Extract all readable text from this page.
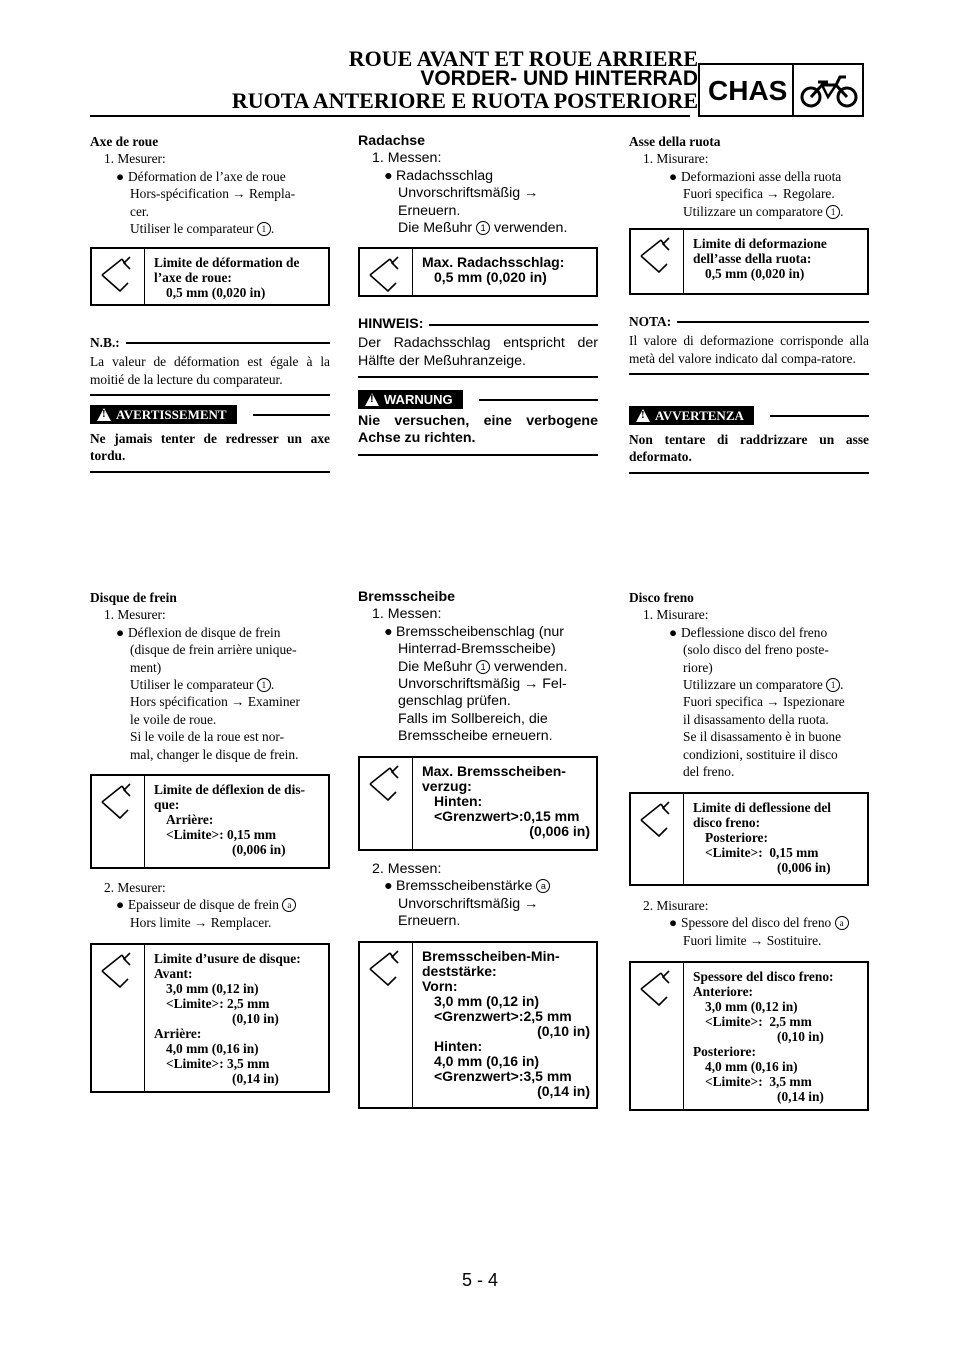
ROUE AVANT ET ROUE ARRIERE
VORDER- UND HINTERRAD
RUOTA ANTERIORE E RUOTA POSTERIORE CHAS
Axe de roue
1. Mesurer:
● Déformation de l’axe de roue
Hors-spécification → Rempla-
cer.
Utiliser le comparateur 1 .
Limite de déformation de
l’axe de roue:
0,5 mm (0,020 in)
N.B.:
La valeur de déformation est égale à la moitié de la lecture du comparateur.
! AVERTISSEMENT
Ne jamais tenter de redresser un axe tordu.
Radachse
1. Messen:
● Radachsschlag
Unvorschriftsmäßig →
Erneuern.
Die Meßuhr 1 verwenden.
Max. Radachsschlag:
0,5 mm (0,020 in)
HINWEIS:
Der Radachsschlag entspricht der Hälfte der Meßuhranzeige.
! WARNUNG
Nie versuchen, eine verbogene Achse zu richten.
Asse della ruota
1. Misurare:
● Deformazioni asse della ruota
Fuori specifica → Regolare.
Utilizzare un comparatore 1 .
Limite di deformazione
dell’asse della ruota:
0,5 mm (0,020 in)
NOTA:
Il valore di deformazione corrisponde alla metà del valore indicato dal compa-ratore.
! AVVERTENZA
Non tentare di raddrizzare un asse deformato.
Disque de frein
1. Mesurer:
● Déflexion de disque de frein
(disque de frein arrière unique-
ment)
Utiliser le comparateur 1 .
Hors spécification → Examiner
le voile de roue.
Si le voile de la roue est nor-
mal, changer le disque de frein.
Limite de déflexion de dis-
que:
Arrière:
<Limite>: 0,15 mm
(0,006 in)
2. Mesurer:
● Epaisseur de disque de frein a
Hors limite → Remplacer.
Limite d’usure de disque:
Avant:
3,0 mm (0,12 in)
<Limite>: 2,5 mm
(0,10 in)
Arrière:
4,0 mm (0,16 in)
<Limite>: 3,5 mm
(0,14 in)
Bremsscheibe
1. Messen:
● Bremsscheibenschlag (nur
Hinterrad-Bremsscheibe)
Die Meßuhr 1 verwenden.
Unvorschriftsmäßig → Fel-
genschlag prüfen.
Falls im Sollbereich, die
Bremsscheibe erneuern.
Max. Bremsscheiben-
verzug:
Hinten:
<Grenzwert>:0,15 mm
(0,006 in)
2. Messen:
● Bremsscheibenstärke a
Unvorschriftsmäßig →
Erneuern.
Bremsscheiben-Min-
deststärke:
Vorn:
3,0 mm (0,12 in)
<Grenzwert>:2,5 mm
(0,10 in)
Hinten:
4,0 mm (0,16 in)
<Grenzwert>:3,5 mm
(0,14 in)
Disco freno
1. Misurare:
● Deflessione disco del freno
(solo disco del freno poste-
riore)
Utilizzare un comparatore 1 .
Fuori specifica → Ispezionare
il disassamento della ruota.
Se il disassamento è in buone
condizioni, sostituire il disco
del freno.
Limite di deflessione del
disco freno:
Posteriore:
<Limite>:  0,15 mm
(0,006 in)
2. Misurare:
● Spessore del disco del freno a
Fuori limite → Sostituire.
Spessore del disco freno:
Anteriore:
3,0 mm (0,12 in)
<Limite>:  2,5 mm
(0,10 in)
Posteriore:
4,0 mm (0,16 in)
<Limite>:  3,5 mm
(0,14 in)
5 - 4
